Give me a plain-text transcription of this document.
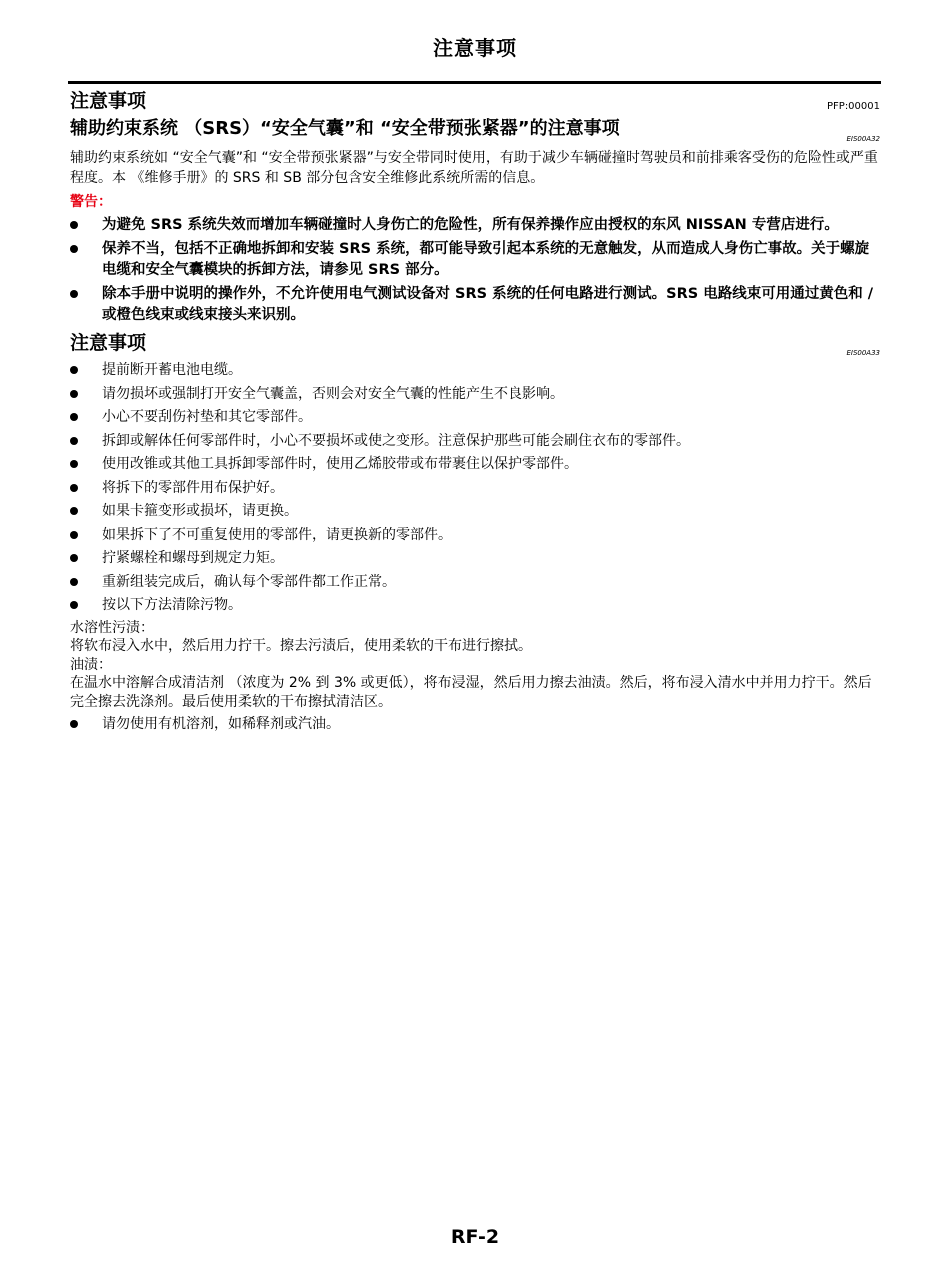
注意事项
注意事项	PFP:00001
辅助约束系统 （SRS）“安全气囊”和 “安全带预张紧器”的注意事项	EIS00A32

辅助约束系统如 “安全气囊”和 “安全带预张紧器”与安全带同时使用，有助于减少车辆碰撞时驾驶员和前排乘客受伤的危险性或严重程度。本 《维修手册》的 SRS 和 SB 部分包含安全维修此系统所需的信息。

警告：
为避免 SRS 系统失效而增加车辆碰撞时人身伤亡的危险性，所有保养操作应由授权的东风 NISSAN 专营店进行。
保养不当，包括不正确地拆卸和安装 SRS 系统，都可能导致引起本系统的无意触发，从而造成人身伤亡事故。关于螺旋电缆和安全气囊模块的拆卸方法，请参见 SRS 部分。
除本手册中说明的操作外，不允许使用电气测试设备对 SRS 系统的任何电路进行测试。SRS 电路线束可用通过黄色和 / 或橙色线束或线束接头来识别。
注意事项	EIS00A33
提前断开蓄电池电缆。
请勿损坏或强制打开安全气囊盖，否则会对安全气囊的性能产生不良影响。
小心不要刮伤衬垫和其它零部件。
拆卸或解体任何零部件时，小心不要损坏或使之变形。注意保护那些可能会刷住衣布的零部件。
使用改锥或其他工具拆卸零部件时，使用乙烯胶带或布带裹住以保护零部件。
将拆下的零部件用布保护好。
如果卡箍变形或损坏，请更换。
如果拆下了不可重复使用的零部件，请更换新的零部件。
拧紧螺栓和螺母到规定力矩。
重新组装完成后，确认每个零部件都工作正常。
按以下方法清除污物。
水溶性污渍：
将软布浸入水中，然后用力拧干。擦去污渍后，使用柔软的干布进行擦拭。
油渍：
在温水中溶解合成清洁剂 （浓度为 2% 到 3% 或更低），将布浸湿，然后用力擦去油渍。然后，将布浸入清水中并用力拧干。然后完全擦去洗涤剂。最后使用柔软的干布擦拭清洁区。
请勿使用有机溶剂，如稀释剂或汽油。
RF-2
